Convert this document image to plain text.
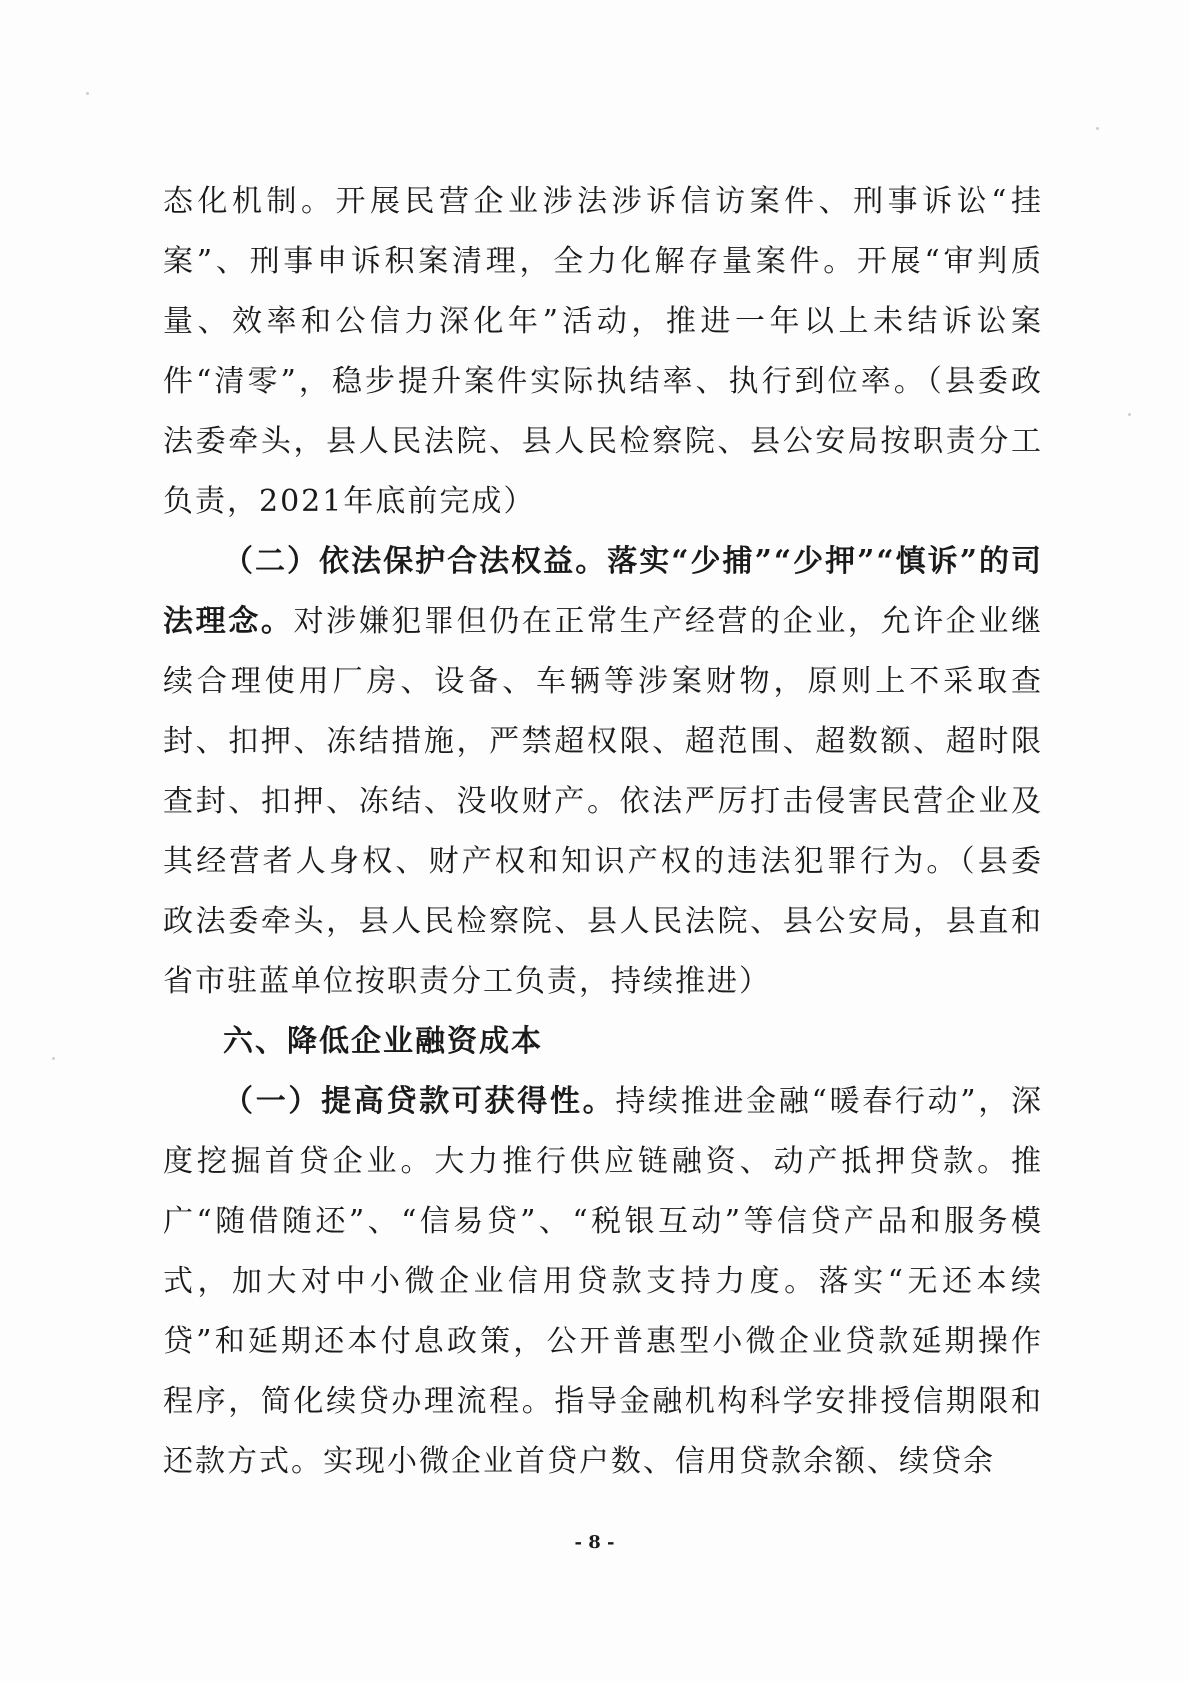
态化机制。开展民营企业涉法涉诉信访案件、刑事诉讼“挂案”、刑事申诉积案清理，全力化解存量案件。开展“审判质量、效率和公信力深化年”活动，推进一年以上未结诉讼案件“清零”，稳步提升案件实际执结率、执行到位率。（县委政法委牵头，县人民法院、县人民检察院、县公安局按职责分工负责，2021年底前完成）

（二）依法保护合法权益。落实“少捕”“少押”“慎诉”的司法理念。对涉嫌犯罪但仍在正常生产经营的企业，允许企业继续合理使用厂房、设备、车辆等涉案财物，原则上不采取查封、扣押、冻结措施，严禁超权限、超范围、超数额、超时限查封、扣押、冻结、没收财产。依法严厉打击侵害民营企业及其经营者人身权、财产权和知识产权的违法犯罪行为。（县委政法委牵头，县人民检察院、县人民法院、县公安局，县直和省市驻蓝单位按职责分工负责，持续推进）

六、降低企业融资成本

（一）提高贷款可获得性。持续推进金融“暖春行动”，深度挖掘首贷企业。大力推行供应链融资、动产抵押贷款。推广“随借随还”、“信易贷”、“税银互动”等信贷产品和服务模式，加大对中小微企业信用贷款支持力度。落实“无还本续贷”和延期还本付息政策，公开普惠型小微企业贷款延期操作程序，简化续贷办理流程。指导金融机构科学安排授信期限和还款方式。实现小微企业首贷户数、信用贷款余额、续贷余

- 8 -
